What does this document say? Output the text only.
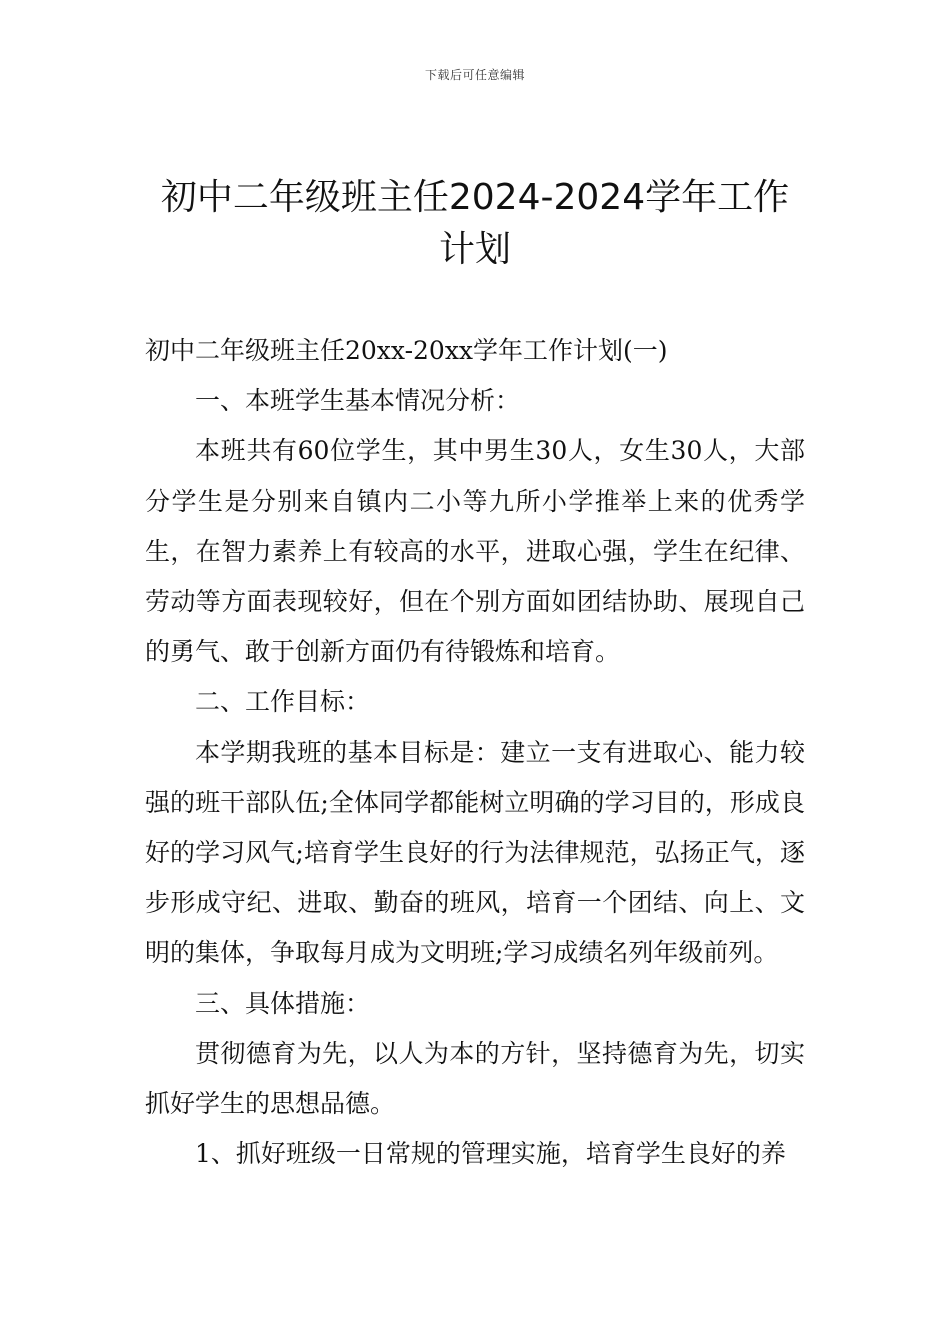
下载后可任意编辑
初中二年级班主任2024-2024学年工作计划

初中二年级班主任20xx-20xx学年工作计划(一)

一、本班学生基本情况分析：

本班共有60位学生，其中男生30人，女生30人，大部分学生是分别来自镇内二小等九所小学推举上来的优秀学生，在智力素养上有较高的水平，进取心强，学生在纪律、劳动等方面表现较好，但在个别方面如团结协助、展现自己的勇气、敢于创新方面仍有待锻炼和培育。

二、工作目标：

本学期我班的基本目标是：建立一支有进取心、能力较强的班干部队伍;全体同学都能树立明确的学习目的，形成良好的学习风气;培育学生良好的行为法律规范，弘扬正气，逐步形成守纪、进取、勤奋的班风，培育一个团结、向上、文明的集体，争取每月成为文明班;学习成绩名列年级前列。

三、具体措施：

贯彻德育为先，以人为本的方针，坚持德育为先，切实抓好学生的思想品德。

1、抓好班级一日常规的管理实施，培育学生良好的养
